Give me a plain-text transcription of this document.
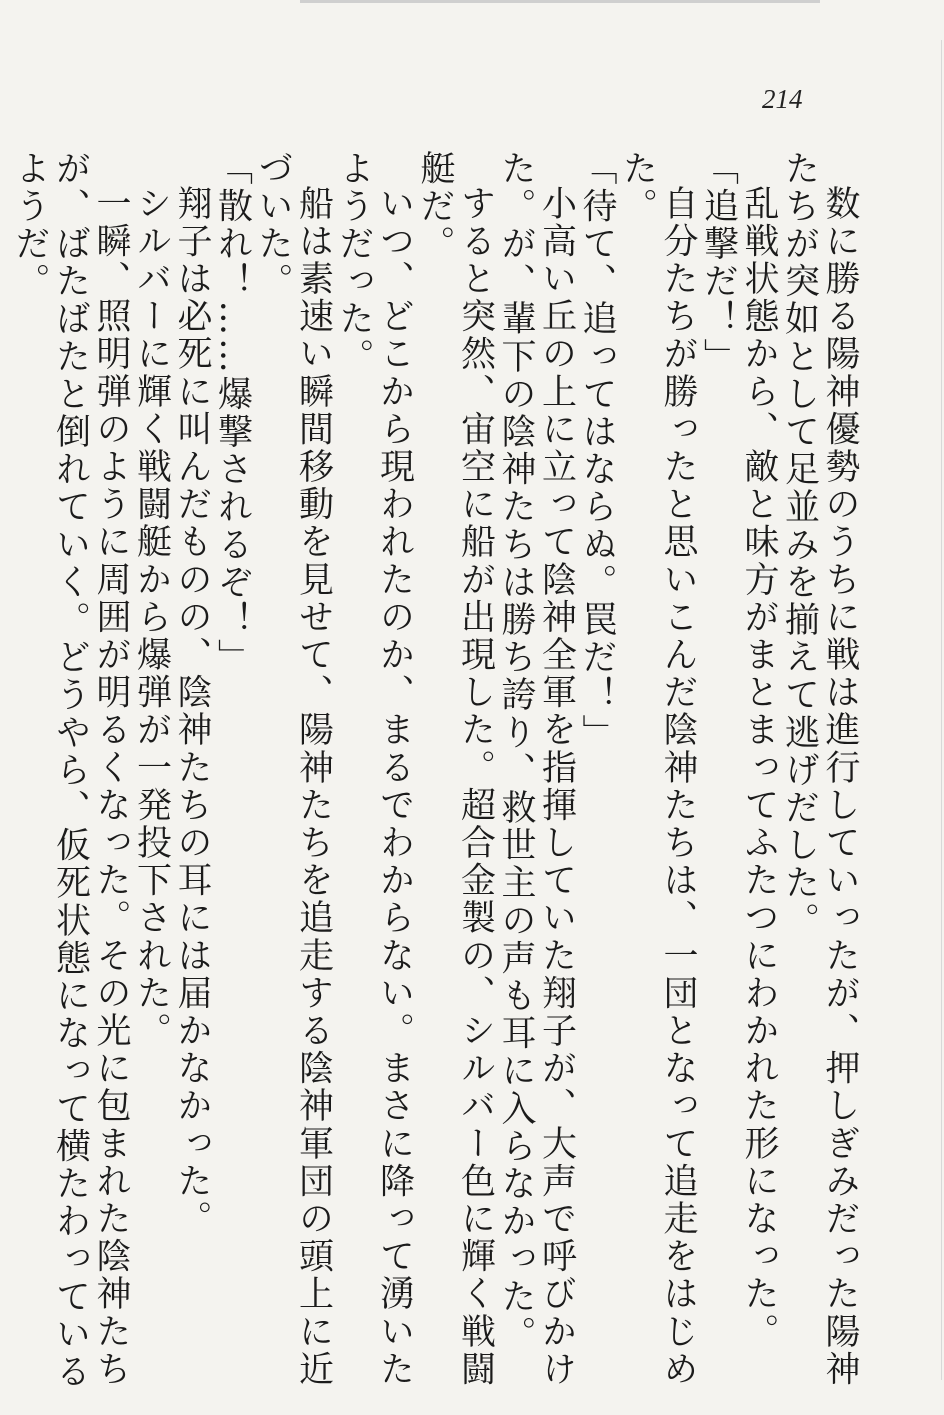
214

数に勝る陽神優勢のうちに戦は進行していったが、押しぎみだった陽神たちが突如として足並みを揃えて逃げだした。

乱戦状態から、敵と味方がまとまってふたつにわかれた形になった。

「追撃だ！」

自分たちが勝ったと思いこんだ陰神たちは、一団となって追走をはじめた。

「待て、追ってはならぬ。罠だ！」

小高い丘の上に立って陰神全軍を指揮していた翔子が、大声で呼びかけた。が、輩下の陰神たちは勝ち誇り、救世主の声も耳に入らなかった。

すると突然、宙空に船が出現した。超合金製の、シルバー色に輝く戦闘艇だ。

いつ、どこから現われたのか、まるでわからない。まさに降って湧いたようだった。

船は素速い瞬間移動を見せて、陽神たちを追走する陰神軍団の頭上に近づいた。

「散れ！……爆撃されるぞ！」

翔子は必死に叫んだものの、陰神たちの耳には届かなかった。

シルバーに輝く戦闘艇から爆弾が一発投下された。

一瞬、照明弾のように周囲が明るくなった。その光に包まれた陰神たちが、ばたばたと倒れていく。どうやら、仮死状態になって横たわっているようだ。
